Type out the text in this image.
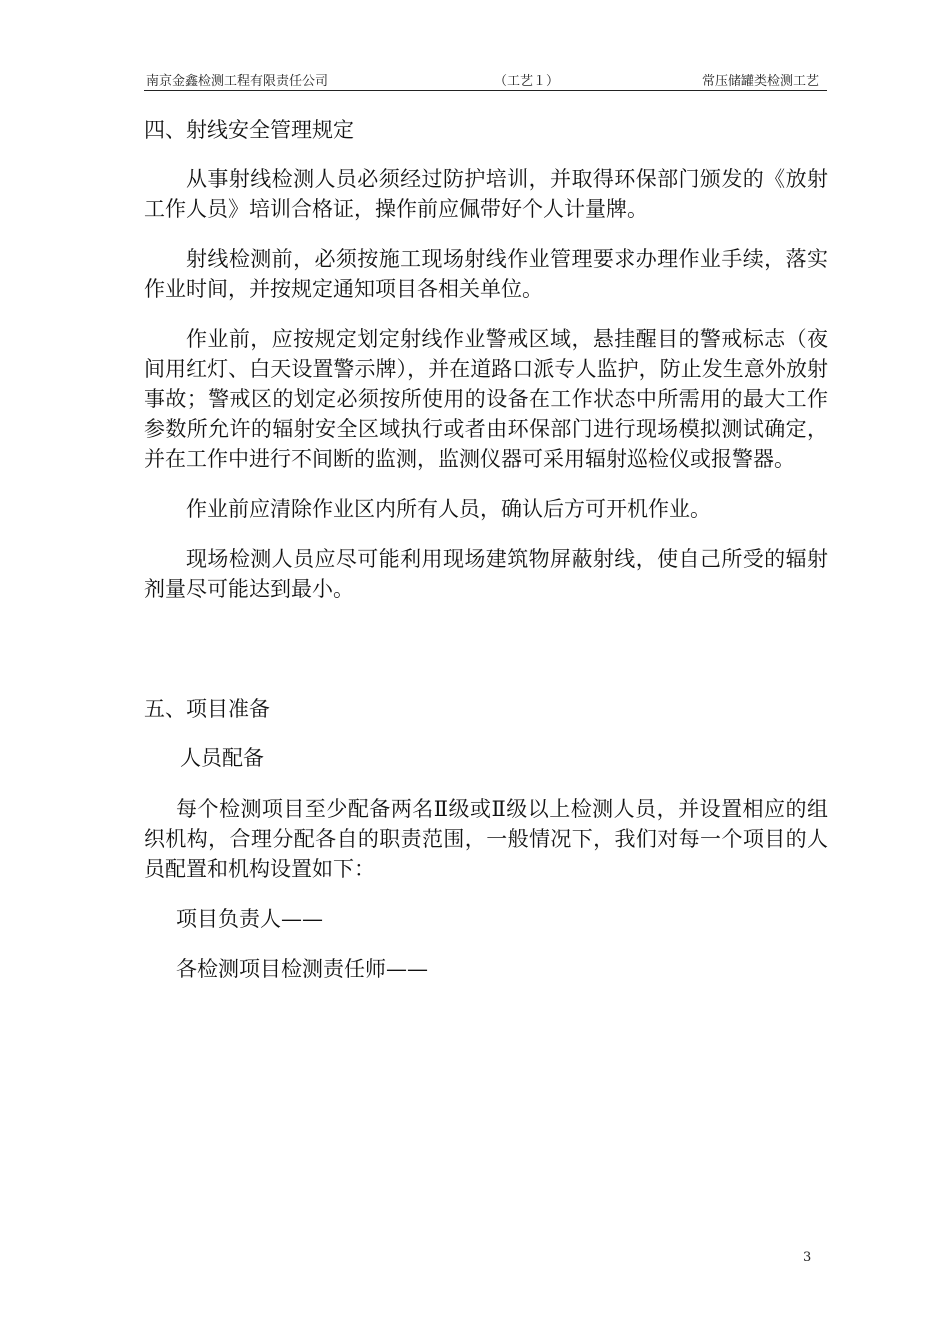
南京金鑫检测工程有限责任公司	（工艺１）	常压储罐类检测工艺

四、射线安全管理规定

从事射线检测人员必须经过防护培训，并取得环保部门颁发的《放射工作人员》培训合格证，操作前应佩带好个人计量牌。

射线检测前，必须按施工现场射线作业管理要求办理作业手续，落实作业时间，并按规定通知项目各相关单位。

作业前，应按规定划定射线作业警戒区域，悬挂醒目的警戒标志（夜间用红灯、白天设置警示牌），并在道路口派专人监护，防止发生意外放射事故；警戒区的划定必须按所使用的设备在工作状态中所需用的最大工作参数所允许的辐射安全区域执行或者由环保部门进行现场模拟测试确定，并在工作中进行不间断的监测，监测仪器可采用辐射巡检仪或报警器。

作业前应清除作业区内所有人员，确认后方可开机作业。

现场检测人员应尽可能利用现场建筑物屏蔽射线，使自己所受的辐射剂量尽可能达到最小。

五、项目准备

人员配备

每个检测项目至少配备两名Ⅱ级或Ⅱ级以上检测人员，并设置相应的组织机构，合理分配各自的职责范围，一般情况下，我们对每一个项目的人员配置和机构设置如下：

项目负责人——

各检测项目检测责任师——

3
